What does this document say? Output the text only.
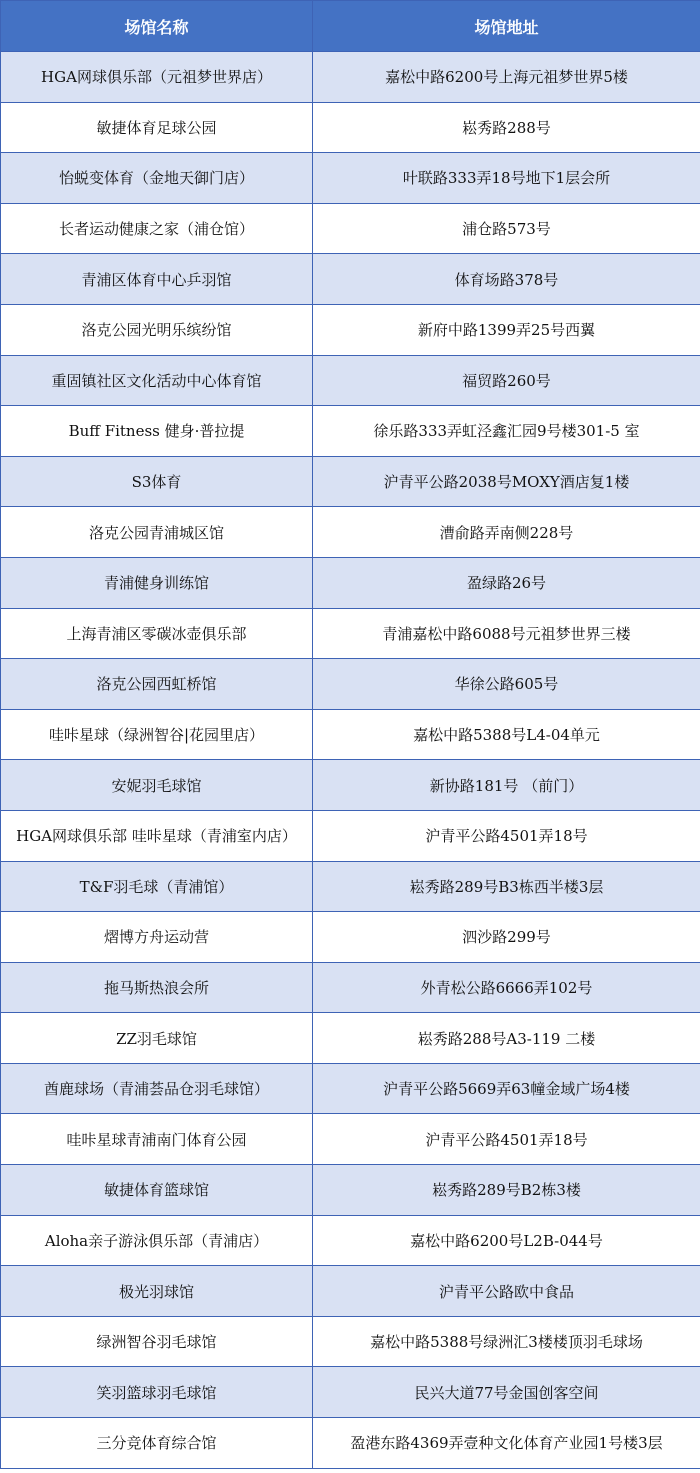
场馆名称	场馆地址
HGA网球俱乐部（元祖梦世界店）	嘉松中路6200号上海元祖梦世界5楼
敏捷体育足球公园	崧秀路288号
怡蜕变体育（金地天御门店）	叶联路333弄18号地下1层会所
长者运动健康之家（浦仓馆）	浦仓路573号
青浦区体育中心乒羽馆	体育场路378号
洛克公园光明乐缤纷馆	新府中路1399弄25号西翼
重固镇社区文化活动中心体育馆	福贸路260号
Buff Fitness 健身·普拉提	徐乐路333弄虹泾鑫汇园9号楼301-5 室
S3体育	沪青平公路2038号MOXY酒店复1楼
洛克公园青浦城区馆	漕俞路弄南侧228号
青浦健身训练馆	盈绿路26号
上海青浦区零碳冰壶俱乐部	青浦嘉松中路6088号元祖梦世界三楼
洛克公园西虹桥馆	华徐公路605号
哇咔星球（绿洲智谷|花园里店）	嘉松中路5388号L4-04单元
安妮羽毛球馆	新协路181号 （前门）
HGA网球俱乐部 哇咔星球（青浦室内店）	沪青平公路4501弄18号
T&F羽毛球（青浦馆）	崧秀路289号B3栋西半楼3层
熠博方舟运动营	泗沙路299号
拖马斯热浪会所	外青松公路6666弄102号
ZZ羽毛球馆	崧秀路288号A3-119 二楼
酋鹿球场（青浦荟品仓羽毛球馆）	沪青平公路5669弄63幢金域广场4楼
哇咔星球青浦南门体育公园	沪青平公路4501弄18号
敏捷体育篮球馆	崧秀路289号B2栋3楼
Aloha亲子游泳俱乐部（青浦店）	嘉松中路6200号L2B-044号
极光羽球馆	沪青平公路欧中食品
绿洲智谷羽毛球馆	嘉松中路5388号绿洲汇3楼楼顶羽毛球场
笑羽篮球羽毛球馆	民兴大道77号金国创客空间
三分竞体育综合馆	盈港东路4369弄壹种文化体育产业园1号楼3层
